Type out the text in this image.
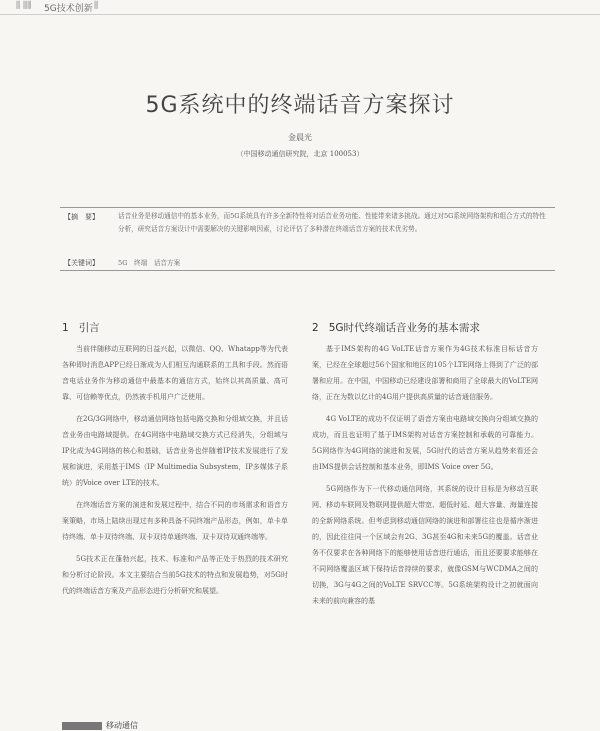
⫼ ⫼⫼ 5G技术创新 ⫼
5G系统中的终端话音方案探讨
金晨光
（中国移动通信研究院，北京 100053）
【摘　要】	话音业务是移动通信中的基本业务，而5G系统具有许多全新特性将对话音业务功能、性能带来诸多挑战。通过对5G系统网络架构和组合方式的特性分析，研究话音方案设计中需要解决的关键影响因素，讨论评估了多种潜在终端话音方案的技术优劣势。
【关键词】	5G　终端　话音方案
1 引言

当前伴随移动互联网的日益兴起，以微信、QQ、Whatapp等为代表各种即时消息APP已经日渐成为人们相互沟通联系的工具和手段。然而语音电话业务作为移动通信中最基本的通信方式，始终以其高质量、高可靠、可信赖等优点，仍然被手机用户广泛使用。

在2G/3G网络中，移动通信网络包括电路交换和分组域交换，并且话音业务由电路域提供。在4G网络中电路域交换方式已经消失，分组域与IP化成为4G网络的核心和基础，话音业务也伴随着IP技术发展进行了发展和演进，采用基于IMS（IP Multimedia Subsystem，IP多媒体子系统）的Voice over LTE的技术。

在终端话音方案的演进和发展过程中，结合不同的市场需求和语音方案策略，市场上陆续出现过有多种具备不同终端产品形态，例如，单卡单待终端、单卡双待终端、双卡双待单通终端、双卡双待双通终端等。

5G技术正在蓬勃兴起，技术、标准和产品等正处于热烈的技术研究和分析讨论阶段。本文主要结合当前5G技术的特点和发展趋势，对5G时代的终端话音方案及产品形态进行分析研究和展望。

2 5G时代终端话音业务的基本需求

基于IMS架构的4G VoLTE话音方案作为4G技术标准目标话音方案，已经在全球超过56个国家和地区的105个LTE网络上得到了广泛的部署和应用。在中国，中国移动已经建设部署和商用了全球最大的VoLTE网络，正在为数以亿计的4G用户提供高质量的话音通信服务。

4G VoLTE的成功不仅证明了语音方案由电路域交换向分组域交换的成功，而且也证明了基于IMS架构对话音方案控制和承载的可靠能力。5G网络作为4G网络的演进和发展，5G时代的话音方案从趋势来看还会由IMS提供会话控制和基本业务，即IMS Voice over 5G。

5G网络作为下一代移动通信网络，其系统的设计目标是为移动互联网、移动车联网及物联网提供超大带宽、超低时延、超大容量、海量连接的全新网络系统。但考虑到移动通信网络的演进和部署往往也是循序渐进的，因此往往同一个区域会有2G、3G甚至4G和未来5G的覆盖。话音业务不仅要求在各种网络下的能够使用话音进行通话，而且还要要求能够在不同网络覆盖区域下保持话音持续的要求，就像GSM与WCDMA之间的切换，3G与4G之间的VoLTE SRVCC等。5G系统架构设计之初就面向未来的前向兼容的基

移动通信
